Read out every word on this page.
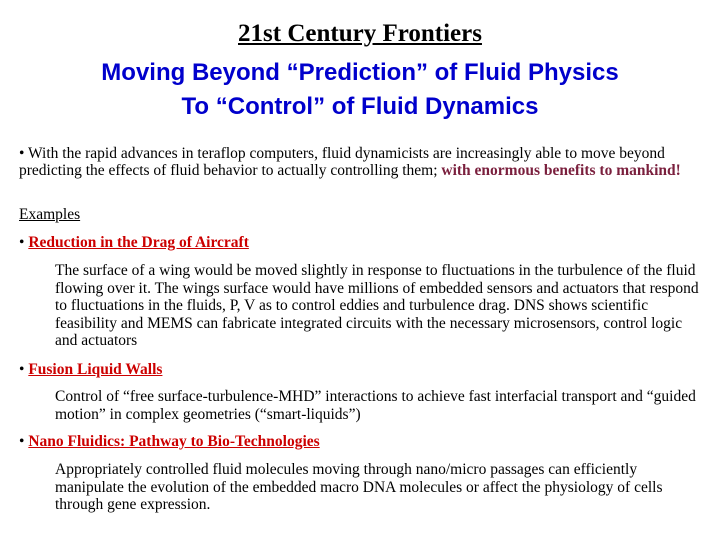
21st Century Frontiers
Moving Beyond “Prediction” of Fluid Physics
To “Control” of Fluid Dynamics
• With the rapid advances in teraflop computers, fluid dynamicists are increasingly able to move beyond predicting the effects of fluid behavior to actually controlling them; with enormous benefits to mankind!
Examples
• Reduction in the Drag of Aircraft
The surface of a wing would be moved slightly in response to fluctuations in the turbulence of the fluid flowing over it. The wings surface would have millions of embedded sensors and actuators that respond to fluctuations in the fluids, P, V as to control eddies and turbulence drag. DNS shows scientific feasibility and MEMS can fabricate integrated circuits with the necessary microsensors, control logic and actuators
• Fusion Liquid Walls
Control of “free surface-turbulence-MHD” interactions to achieve fast interfacial transport and “guided motion” in complex geometries (“smart-liquids”)
• Nano Fluidics: Pathway to Bio-Technologies
Appropriately controlled fluid molecules moving through nano/micro passages can efficiently manipulate the evolution of the embedded macro DNA molecules or affect the physiology of cells through gene expression.
